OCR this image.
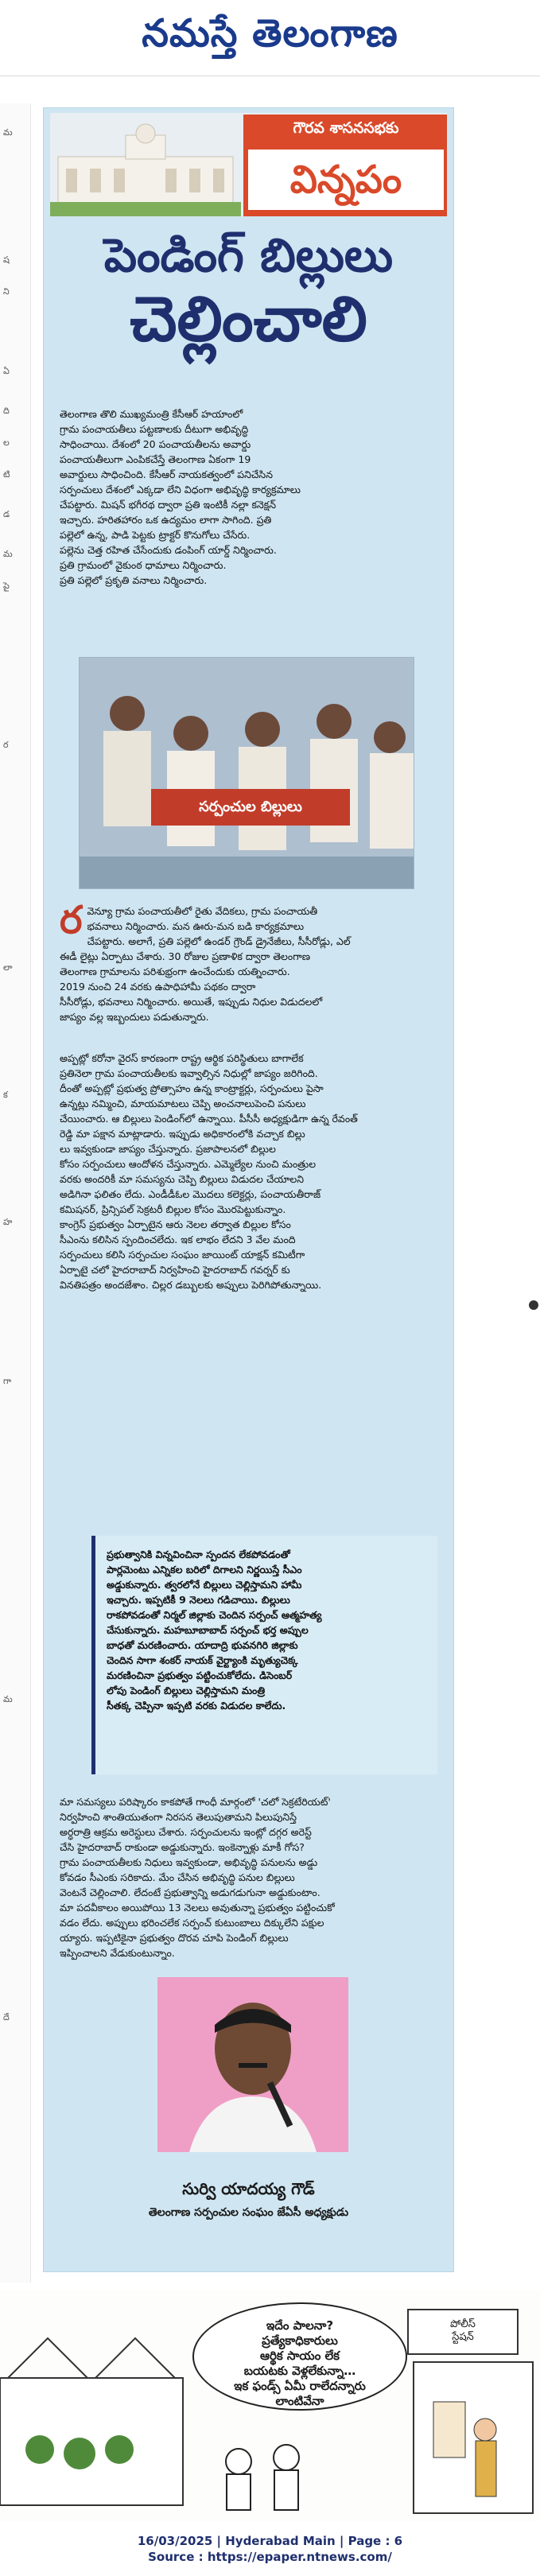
నమస్తే తెలంగాణ
మ
ష
ని
ఏ
ది
ల
టి
డ
మ
పై
ర
లా
క
హ
గా
మ
దే
గౌరవ శాసనసభకు
విన్నపం
పెండింగ్ బిల్లులు
చెల్లించాలి
తెలంగాణ తొలి ముఖ్యమంత్రి కేసీఆర్ హయాంలో
గ్రామ పంచాయతీలు పట్టణాలకు దీటుగా అభివృద్ధి
సాధించాయి. దేశంలో 20 పంచాయతీలను అవార్డు
పంచాయతీలుగా ఎంపికచేస్తే తెలంగాణ ఏకంగా 19
అవార్డులు సాధించింది. కేసీఆర్ నాయకత్వంలో పనిచేసిన
సర్పంచులు దేశంలో ఎక్కడా లేని విధంగా అభివృద్ధి కార్యక్రమాలు
చేపట్టారు. మిషన్ భగీరథ ద్వారా ప్రతి ఇంటికీ నల్లా కనెక్షన్
ఇచ్చారు. హరితహారం ఒక ఉద్యమం లాగా సాగింది. ప్రతి
పల్లెలో ఉన్న, పాడి పెట్టకు ట్రాక్టర్ కొనుగోలు చేసేరు.
పల్లెను చెత్త రహిత చేసేందుకు డంపింగ్ యార్డ్ నిర్మించారు.
ప్రతి గ్రామంలో వైకుంఠ ధామాలు నిర్మించారు.
ప్రతి పల్లెలో ప్రకృతి వనాలు నిర్మించారు.
సర్పంచుల బిల్లులు
ర వెన్యూ గ్రామ పంచాయతీలో రైతు వేదికలు, గ్రామ పంచాయతీ
భవనాలు నిర్మించారు. మన ఊరు-మన బడి కార్యక్రమాలు
చేపట్టారు. అలాగే, ప్రతి పల్లెలో ఉండర్ గ్రౌండ్ డ్రైనేజీలు, సీసీరోడ్లు, ఎల్
ఈడీ లైట్లు ఏర్పాటు చేశారు. 30 రోజుల ప్రణాళిక ద్వారా తెలంగాణ
తెలంగాణ గ్రామాలను పరిశుభ్రంగా ఉంచేందుకు యత్నించారు.
2019 నుంచి 24 వరకు ఉపాధిహామీ పథకం ద్వారా
సీసీరోడ్లు, భవనాలు నిర్మించారు. అయితే, ఇప్పుడు నిధుల విడుదలలో
జాప్యం వల్ల ఇబ్బందులు పడుతున్నారు.
అప్పట్లో కరోనా వైరస్ కారణంగా రాష్ట్ర ఆర్థిక పరిస్థితులు బాగాలేక
ప్రతినెలా గ్రామ పంచాయతీలకు ఇవ్వాల్సిన నిధుల్లో జాప్యం జరిగింది.
దీంతో అప్పట్లో ప్రభుత్వ ప్రోత్సాహం ఉన్న కాంట్రాక్టర్లు, సర్పంచులు పైసా
ఉన్నట్లు నమ్మించి, మాయమాటలు చెప్పి అంచనాలుపెంచి పనులు
చేయించారు. ఆ బిల్లులు పెండింగ్‌లో ఉన్నాయి. పీసీసీ అధ్యక్షుడిగా ఉన్న రేవంత్
రెడ్డి మా పక్షాన మాట్లాడారు. ఇప్పుడు అధికారంలోకి వచ్చాక బిల్లు
లు ఇవ్వకుండా జాప్యం చేస్తున్నారు. ప్రజాపాలనలో బిల్లుల
కోసం సర్పంచులు ఆందోళన చేస్తున్నారు. ఎమ్మెల్యేల నుంచి మంత్రుల
వరకు అందరికీ మా సమస్యను చెప్పి బిల్లులు విడుదల చేయాలని
అడిగినా ఫలితం లేదు. ఎండీడీఓల మొదలు కలెక్టర్లు, పంచాయతీరాజ్
కమిషనర్, ప్రిన్సిపల్ సెక్రటరీ బిల్లుల కోసం మొరపెట్టుకున్నాం.
కాంగ్రెస్ ప్రభుత్వం ఏర్పాటైన ఆరు నెలల తర్వాత బిల్లుల కోసం
సీఎంను కలిసిన స్పందించలేదు. ఇక లాభం లేదని 3 వేల మంది
సర్పంచులు కలిసి సర్పంచుల సంఘం జాయింట్ యాక్షన్ కమిటీగా
ఏర్పాటై చలో హైదరాబాద్ నిర్వహించి హైదరాబాద్ గవర్నర్ కు
వినతిపత్రం అందజేశాం. చిల్లర డబ్బులకు అప్పులు పెరిగిపోతున్నాయి.
ప్రభుత్వానికి విన్నవించినా స్పందన లేకపోవడంతో
పార్లమెంటు ఎన్నికల బరిలో దిగాలని నిర్ణయిస్తే సీఎం
అడ్డుకున్నారు. త్వరలోనే బిల్లులు చెల్లిస్తామని హామీ
ఇచ్చారు. ఇప్పటికీ 9 నెలలు గడిచాయి. బిల్లులు
రాకపోవడంతో నిర్మల్ జిల్లాకు చెందిన సర్పంచ్ ఆత్మహత్య
చేసుకున్నారు. మహబూబాబాద్ సర్పంచ్ భర్త అప్పుల
బాధతో మరణించారు. యాదాద్రి భువనగిరి జిల్లాకు
చెందిన సాగా శంకర్ నాయక్ వైర్ట్యాంకి మృత్యుచెక్క
మరణించినా ప్రభుత్వం పట్టించుకోలేదు. డిసెంబర్
లోపు పెండింగ్ బిల్లులు చెల్లిస్తామని మంత్రి
సీతక్క చెప్పినా ఇప్పటి వరకు విడుదల కాలేదు.
మా సమస్యలు పరిష్కారం కాకపోతే గాంధీ మార్గంలో 'చలో సెక్రటేరియట్'
నిర్వహించి శాంతియుతంగా నిరసన తెలుపుతామని పిలుపునిస్తే
అర్ధరాత్రి ఆక్రమ అరెస్టులు చేశారు. సర్పంచులను ఇంట్లో దగ్గర అరెస్ట్
చేసి హైదరాబాద్ రాకుండా అడ్డుకున్నారు. ఇంకెన్నాళ్లు మాకీ గోస?
గ్రామ పంచాయతీలకు నిధులు ఇవ్వకుండా, అభివృద్ధి పనులను అడ్డు
కోవడం సీఎంకు సరికాదు. మేం చేసిన అభివృద్ధి పనుల బిల్లులు
వెంటనే చెల్లించాలి. లేదంటే ప్రభుత్వాన్ని అడుగడుగునా అడ్డుకుంటాం.
మా పదవీకాలం అయిపోయి 13 నెలలు అవుతున్నా ప్రభుత్వం పట్టించుకో
వడం లేదు. అప్పులు భరించలేక సర్పంచ్ కుటుంబాలు దిక్కులేని పక్షుల
య్యారు. ఇప్పటికైనా ప్రభుత్వం దొరవ చూపి పెండింగ్ బిల్లులు
ఇప్పించాలని వేడుకుంటున్నాం.
సుర్వి యాదయ్య గౌడ్
తెలంగాణ సర్పంచుల సంఘం జేఏసీ అధ్యక్షుడు
ఇదేం పాలనా?
ప్రత్యేకాధికారులు
ఆర్థిక సాయం లేక
బయటకు వెళ్లలేకున్నా…
ఇక ఫండ్స్ ఏమీ రాలేదన్నారు
లాంటివేనా
పోలీస్
స్టేషన్
16/03/2025 | Hyderabad Main | Page : 6
Source : https://epaper.ntnews.com/
